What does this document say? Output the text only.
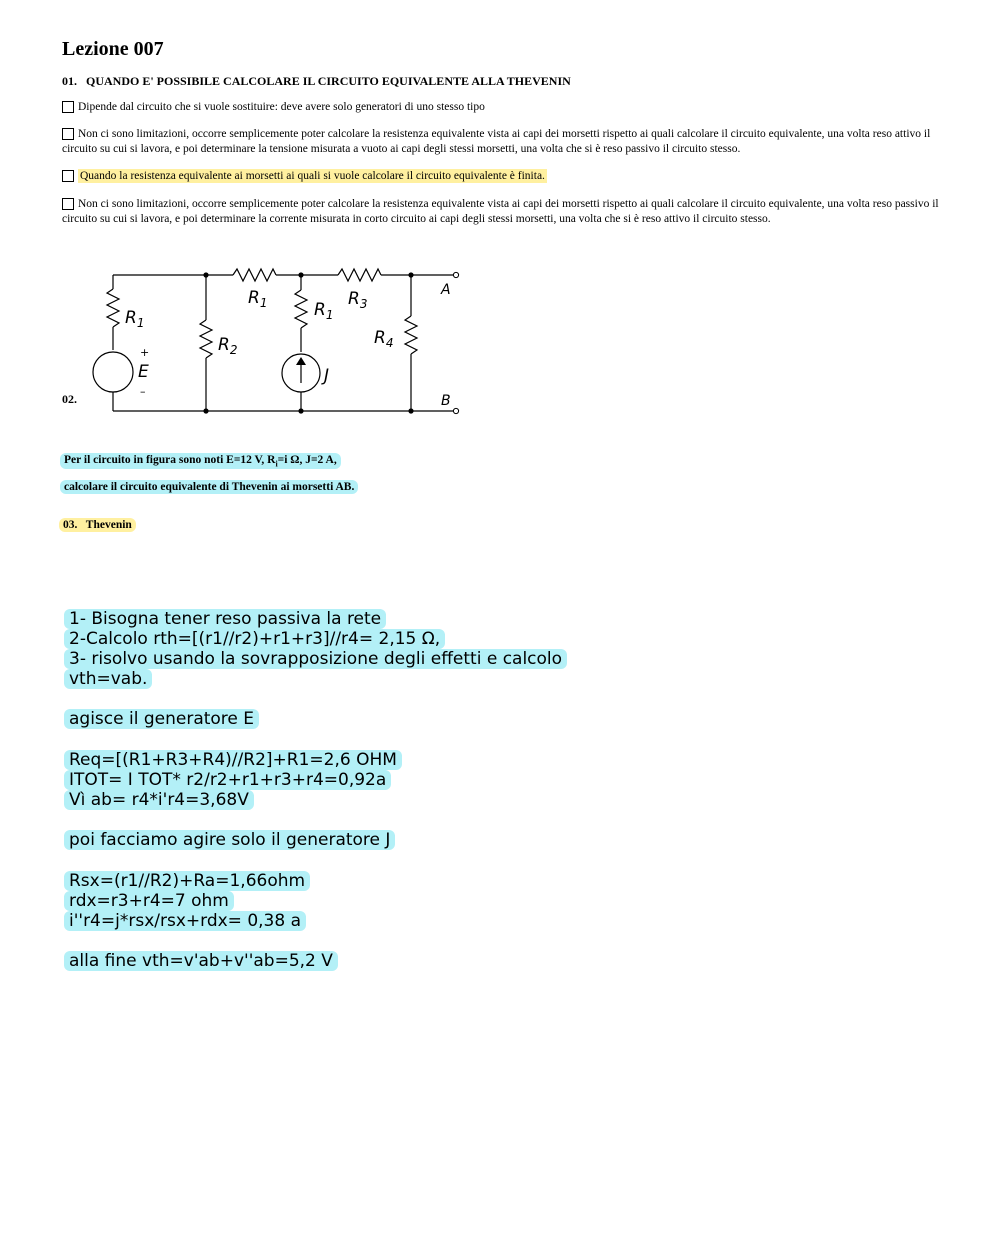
Lezione 007
01. QUANDO E' POSSIBILE CALCOLARE IL CIRCUITO EQUIVALENTE ALLA THEVENIN
Dipende dal circuito che si vuole sostituire: deve avere solo generatori di uno stesso tipo
Non ci sono limitazioni, occorre semplicemente poter calcolare la resistenza equivalente vista ai capi dei morsetti rispetto ai quali calcolare il circuito equivalente, una volta reso attivo il circuito su cui si lavora, e poi determinare la tensione misurata a vuoto ai capi degli stessi morsetti, una volta che si è reso passivo il circuito stesso.
Quando la resistenza equivalente ai morsetti ai quali si vuole calcolare il circuito equivalente è finita.
Non ci sono limitazioni, occorre semplicemente poter calcolare la resistenza equivalente vista ai capi dei morsetti rispetto ai quali calcolare il circuito equivalente, una volta reso passivo il circuito su cui si lavora, e poi determinare la corrente misurata in corto circuito ai capi degli stessi morsetti, una volta che si è reso attivo il circuito stesso.
02.
$R_1$
$R_1$	$R_1$
$R_3$
$R_2$
$R_4$
E	J
A
B
+
–
Per il circuito in figura sono noti E=12 V, $R_i=i$ Ω, J=2 A,
calcolare il circuito equivalente di Thevenin ai morsetti AB.
03. Thevenin
1- Bisogna tener reso passiva la rete
2-Calcolo rth=[(r1//r2)+r1+r3]//r4= 2,15 Ω,
3- risolvo usando la sovrapposizione degli effetti e calcolo
vth=vab.
agisce il generatore E
Req=[(R1+R3+R4)//R2]+R1=2,6 OHM
ITOT= I TOT* r2/r2+r1+r3+r4=0,92a
Vì ab= r4*i'r4=3,68V
poi facciamo agire solo il generatore J
Rsx=(r1//R2)+Ra=1,66ohm
rdx=r3+r4=7 ohm
i''r4=j*rsx/rsx+rdx= 0,38 a
alla fine vth=v'ab+v''ab=5,2 V
